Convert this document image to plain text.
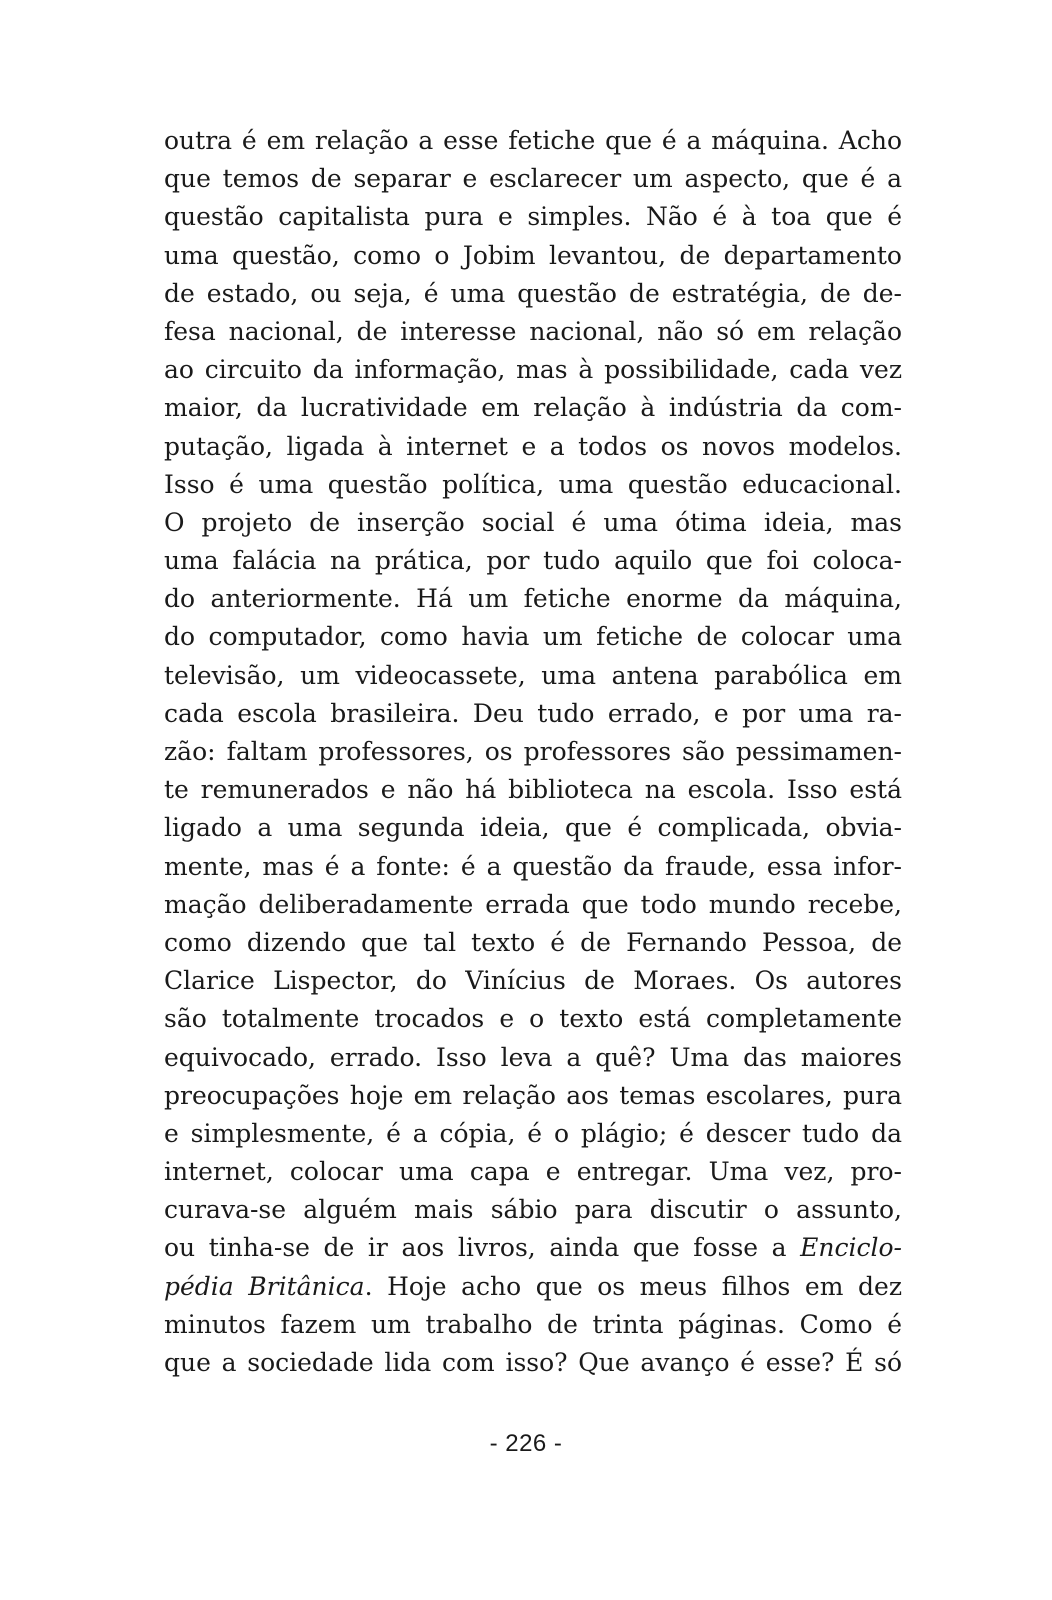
outra é em relação a esse fetiche que é a máquina. Acho
que temos de separar e esclarecer um aspecto, que é a
questão capitalista pura e simples. Não é à toa que é
uma questão, como o Jobim levantou, de departamento
de estado, ou seja, é uma questão de estratégia, de de-
fesa nacional, de interesse nacional, não só em relação
ao circuito da informação, mas à possibilidade, cada vez
maior, da lucratividade em relação à indústria da com-
putação, ligada à internet e a todos os novos modelos.
Isso é uma questão política, uma questão educacional.
O projeto de inserção social é uma ótima ideia, mas
uma falácia na prática, por tudo aquilo que foi coloca-
do anteriormente. Há um fetiche enorme da máquina,
do computador, como havia um fetiche de colocar uma
televisão, um videocassete, uma antena parabólica em
cada escola brasileira. Deu tudo errado, e por uma ra-
zão: faltam professores, os professores são pessimamen-
te remunerados e não há biblioteca na escola. Isso está
ligado a uma segunda ideia, que é complicada, obvia-
mente, mas é a fonte: é a questão da fraude, essa infor-
mação deliberadamente errada que todo mundo recebe,
como dizendo que tal texto é de Fernando Pessoa, de
Clarice Lispector, do Vinícius de Moraes. Os autores
são totalmente trocados e o texto está completamente
equivocado, errado. Isso leva a quê? Uma das maiores
preocupações hoje em relação aos temas escolares, pura
e simplesmente, é a cópia, é o plágio; é descer tudo da
internet, colocar uma capa e entregar. Uma vez, pro-
curava-se alguém mais sábio para discutir o assunto,
ou tinha-se de ir aos livros, ainda que fosse a Enciclo-
pédia Britânica. Hoje acho que os meus filhos em dez
minutos fazem um trabalho de trinta páginas. Como é
que a sociedade lida com isso? Que avanço é esse? É só
- 226 -
